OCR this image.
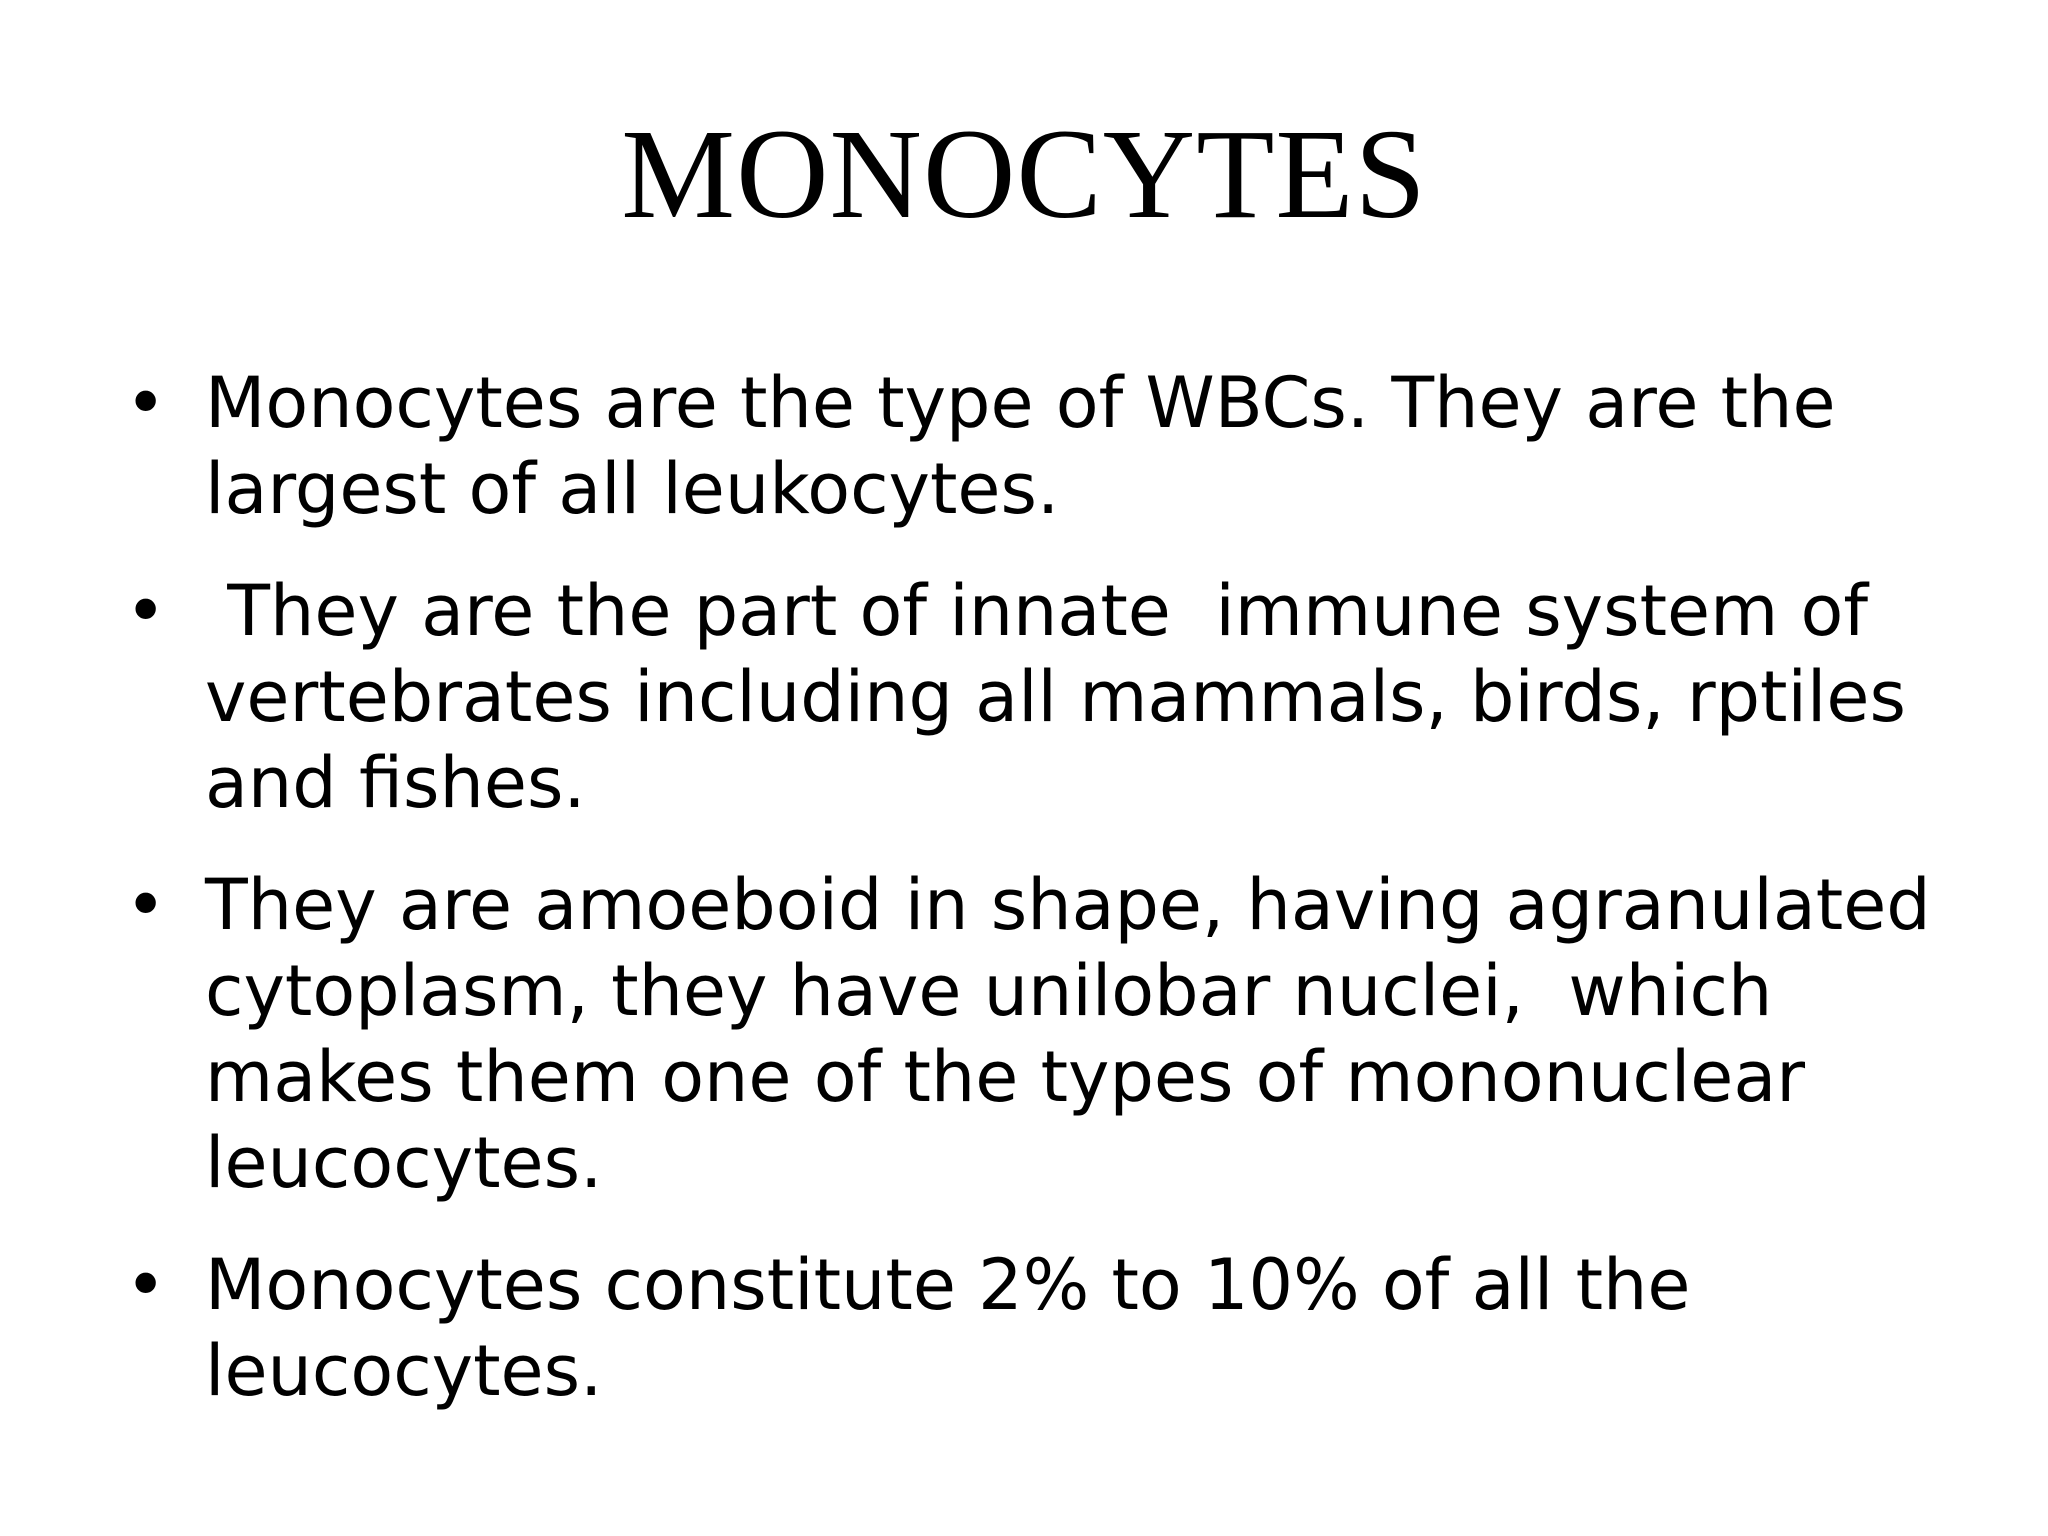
MONOCYTES
• Monocytes are the type of WBCs. They are the largest of all leukocytes.
• They are the part of innate  immune system of vertebrates including all mammals, birds, rptiles and fishes.
• They are amoeboid in shape, having agranulated cytoplasm, they have unilobar nuclei,  which makes them one of the types of mononuclear leucocytes.
• Monocytes constitute 2% to 10% of all the leucocytes.
